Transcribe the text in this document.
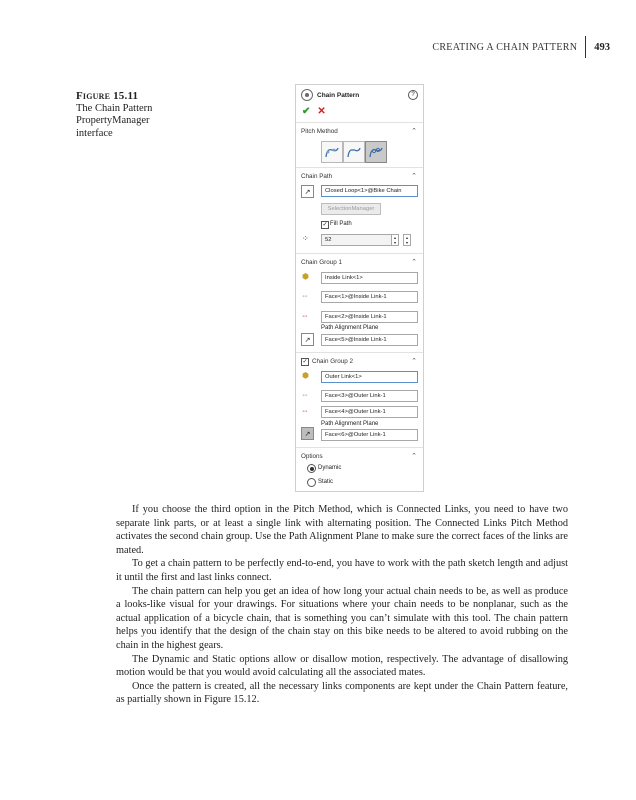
CREATING A CHAIN PATTERN 493
Figure 15.11
The Chain Pattern PropertyManager interface
Chain Pattern	?
✔ ✕
Pitch Method	⌃
Chain Path	⌃
↗	Closed Loop<1>@Bike Chain
SelectionManager
✓ Fill Path
⁘	52	▴
▾
▴
▾
Chain Group 1	⌃
⬢	Inside Link<1>
⇔	Face<1>@Inside Link-1
⇔	Face<2>@Inside Link-1
Path Alignment Plane
↗	Face<5>@Inside Link-1
✓ Chain Group 2	⌃
⬢	Outer Link<1>
⇔	Face<3>@Outer Link-1
⇔	Face<4>@Outer Link-1
Path Alignment Plane
↗	Face<6>@Outer Link-1
Options	⌃
Dynamic
Static

If you choose the third option in the Pitch Method, which is Connected Links, you need to have two separate link parts, or at least a single link with alternating position. The Connected Links Pitch Method activates the second chain group. Use the Path Alignment Plane to make sure the correct faces of the links are mated.

To get a chain pattern to be perfectly end-to-end, you have to work with the path sketch length and adjust it until the first and last links connect.

The chain pattern can help you get an idea of how long your actual chain needs to be, as well as produce a looks-like visual for your drawings. For situations where your chain needs to be nonplanar, such as the actual application of a bicycle chain, that is something you can’t simulate with this tool. The chain pattern helps you identify that the design of the chain stay on this bike needs to be altered to avoid rubbing on the chain in the highest gears.

The Dynamic and Static options allow or disallow motion, respectively. The advantage of disallowing motion would be that you would avoid calculating all the associated mates.

Once the pattern is created, all the necessary links components are kept under the Chain Pattern feature, as partially shown in Figure 15.12.
